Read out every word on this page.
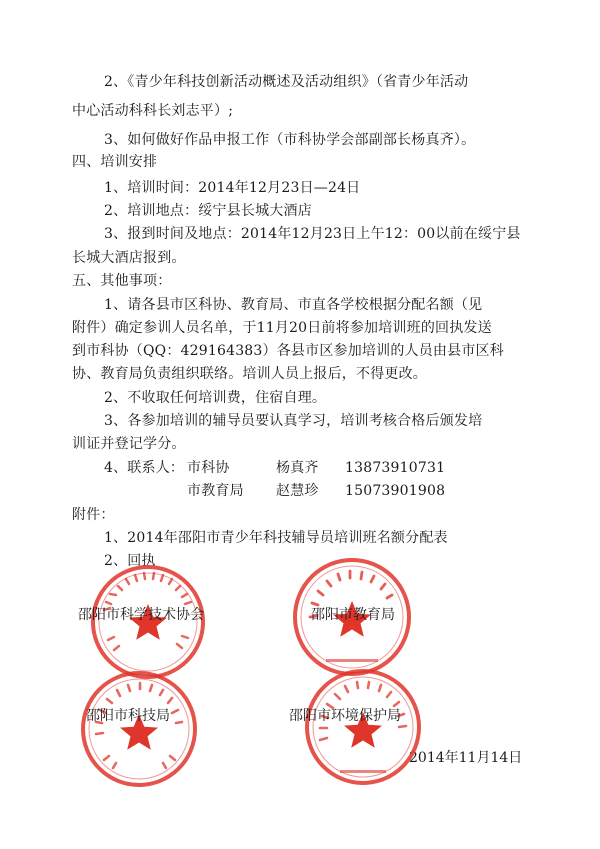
2、《青少年科技创新活动概述及活动组织》（省青少年活动
中心活动科科长刘志平）;
3、如何做好作品申报工作（市科协学会部副部长杨真齐）。
四、培训安排
1、培训时间：2014年12月23日—24日
2、培训地点：绥宁县长城大酒店
3、报到时间及地点：2014年12月23日上午12：00以前在绥宁县
长城大酒店报到。
五、其他事项：
1、请各县市区科协、教育局、市直各学校根据分配名额（见
附件）确定参训人员名单，于11月20日前将参加培训班的回执发送
到市科协（QQ：429164383）各县市区参加培训的人员由县市区科
协、教育局负责组织联络。培训人员上报后，不得更改。
2、不收取任何培训费，住宿自理。
3、各参加培训的辅导员要认真学习，培训考核合格后颁发培
训证并登记学分。
4、联系人： 市科协	杨真齐 13873910731
市教育局 赵慧珍 15073901908
附件：
1、2014年邵阳市青少年科技辅导员培训班名额分配表
2、回执
邵阳市科学技术协会	邵阳市教育局
邵阳市科技局	邵阳市环境保护局
2014年11月14日
